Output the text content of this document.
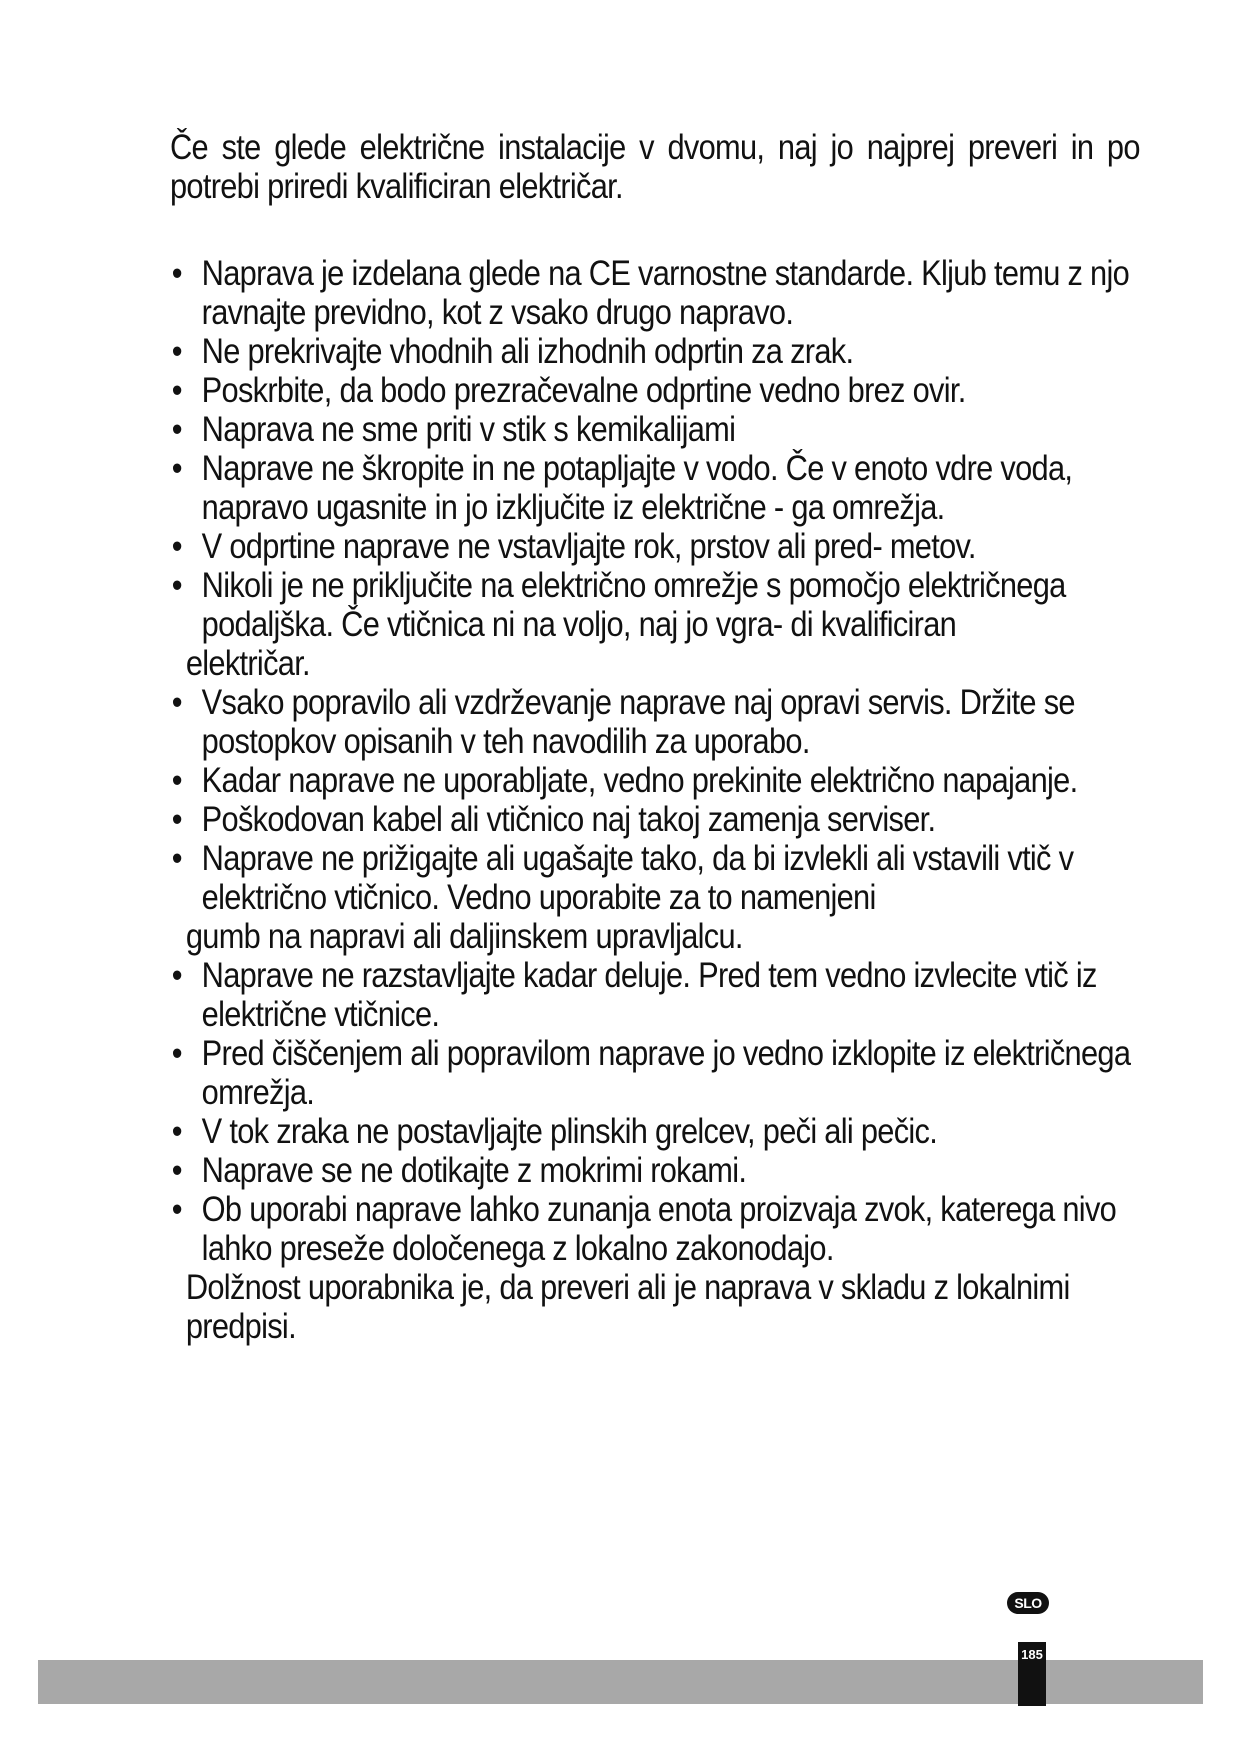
Če ste glede električne instalacije v dvomu, naj jo najprej preveri in po potrebi priredi kvalificiran električar.

• Naprava je izdelana glede na CE varnostne standarde. Kljub temu z njo ravnajte previdno, kot z vsako drugo napravo.
• Ne prekrivajte vhodnih ali izhodnih odprtin za zrak.
• Poskrbite, da bodo prezračevalne odprtine vedno brez ovir.
• Naprava ne sme priti v stik s kemikalijami
• Naprave ne škropite in ne potapljajte v vodo. Če v enoto vdre voda, napravo ugasnite in jo izključite iz električne - ga omrežja.
• V odprtine naprave ne vstavljajte rok, prstov ali pred- metov.
• Nikoli je ne priključite na električno omrežje s pomočjo električnega podaljška. Če vtičnica ni na voljo, naj jo vgra- di kvalificiran
električar.
• Vsako popravilo ali vzdrževanje naprave naj opravi servis. Držite se postopkov opisanih v teh navodilih za uporabo.
• Kadar naprave ne uporabljate, vedno prekinite električno napajanje.
• Poškodovan kabel ali vtičnico naj takoj zamenja serviser.
• Naprave ne prižigajte ali ugašajte tako, da bi izvlekli ali vstavili vtič v električno vtičnico. Vedno uporabite za to namenjeni
gumb na napravi ali daljinskem upravljalcu.
• Naprave ne razstavljajte kadar deluje. Pred tem vedno izvlecite vtič iz električne vtičnice.
• Pred čiščenjem ali popravilom naprave jo vedno izklopite iz električnega omrežja.
• V tok zraka ne postavljajte plinskih grelcev, peči ali pečic.
• Naprave se ne dotikajte z mokrimi rokami.
• Ob uporabi naprave lahko zunanja enota proizvaja zvok, katerega nivo lahko preseže določenega z lokalno zakonodajo.
Dolžnost uporabnika je, da preveri ali je naprava v skladu z lokalnimi predpisi.
SLO
185
